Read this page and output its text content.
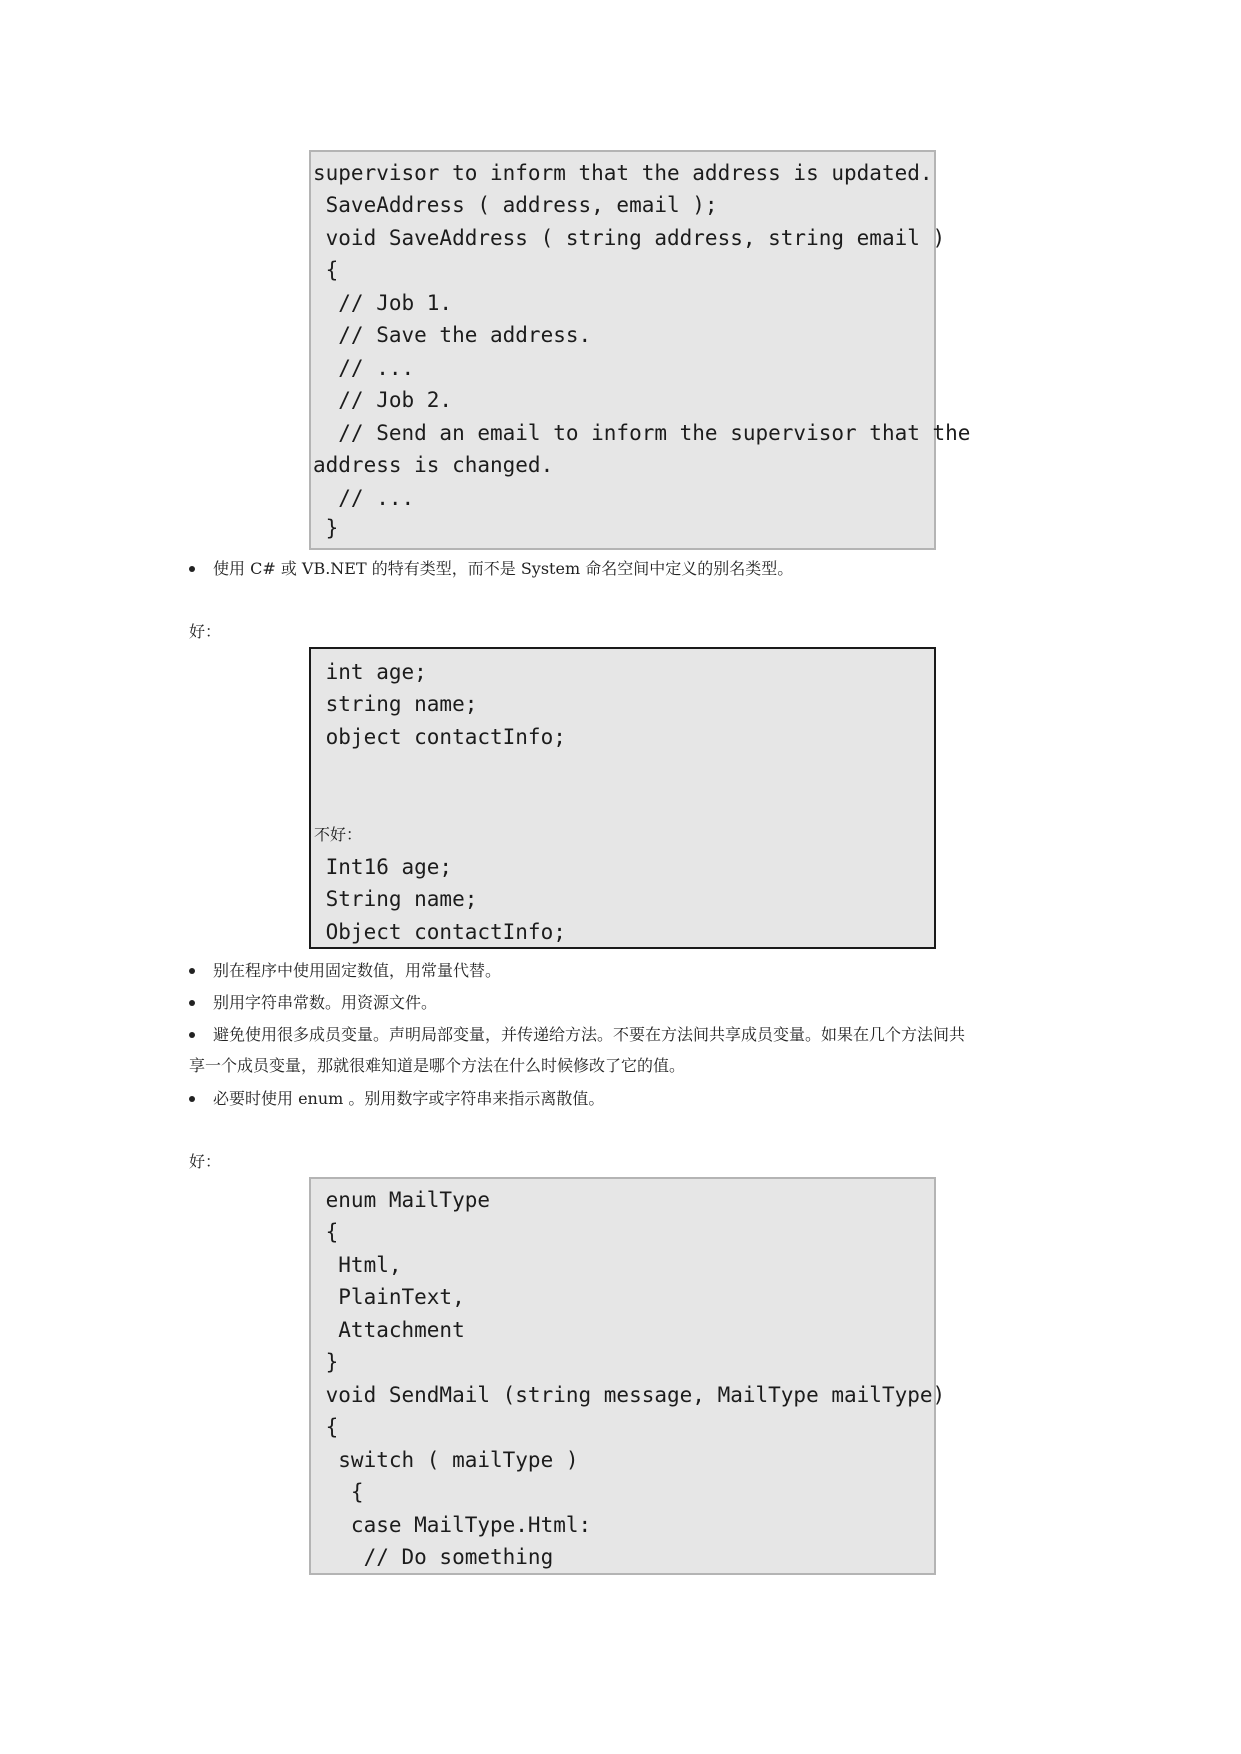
supervisor to inform that the address is updated.
SaveAddress ( address, email );
void SaveAddress ( string address, string email )
{
// Job 1.
// Save the address.
// ...
// Job 2.
// Send an email to inform the supervisor that the
address is changed.
// ...
}
使用 C# 或 VB.NET 的特有类型，而不是 System 命名空间中定义的别名类型。
好：
int age;
string name;
object contactInfo;
不好：
Int16 age;
String name;
Object contactInfo;
别在程序中使用固定数值，用常量代替。
别用字符串常数。用资源文件。
避免使用很多成员变量。声明局部变量，并传递给方法。不要在方法间共享成员变量。如果在几个方法间共
享一个成员变量，那就很难知道是哪个方法在什么时候修改了它的值。
必要时使用 enum 。别用数字或字符串来指示离散值。
好：
enum MailType
{
Html,
PlainText,
Attachment
}
void SendMail (string message, MailType mailType)
{
switch ( mailType )
{
case MailType.Html:
// Do something
